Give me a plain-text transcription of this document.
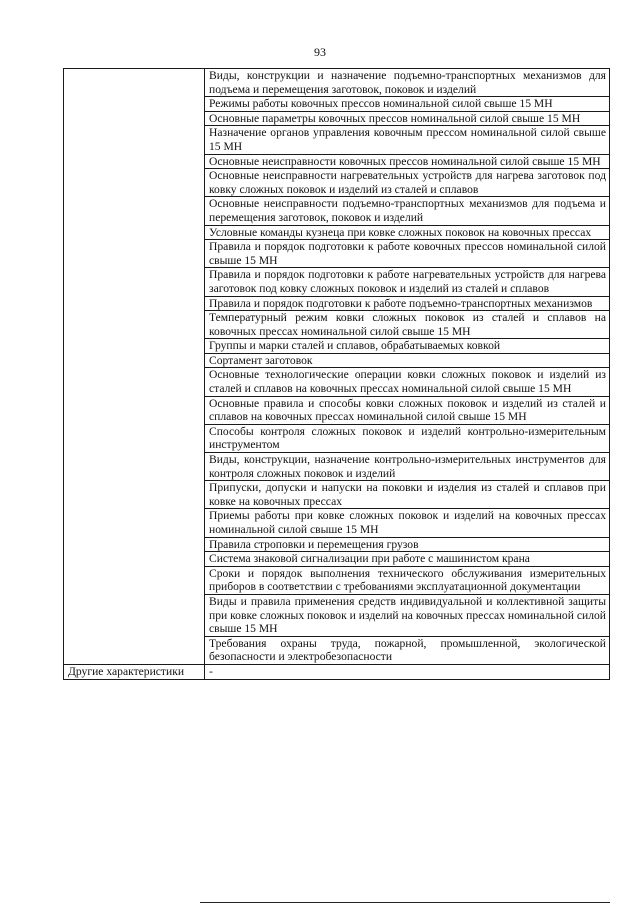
93
	Виды, конструкции и назначение подъемно-транспортных механизмов для подъема и перемещения заготовок, поковок и изделий
	Режимы работы ковочных прессов номинальной силой свыше 15 МН
	Основные параметры ковочных прессов номинальной силой свыше 15 МН
	Назначение органов управления ковочным прессом номинальной силой свыше 15 МН
	Основные неисправности ковочных прессов номинальной силой свыше 15 МН
	Основные неисправности нагревательных устройств для нагрева заготовок под ковку сложных поковок и изделий из сталей и сплавов
	Основные неисправности подъемно-транспортных механизмов для подъема и перемещения заготовок, поковок и изделий
	Условные команды кузнеца при ковке сложных поковок на ковочных прессах
	Правила и порядок подготовки к работе ковочных прессов номинальной силой свыше 15 МН
	Правила и порядок подготовки к работе нагревательных устройств для нагрева заготовок под ковку сложных поковок и изделий из сталей и сплавов
	Правила и порядок подготовки к работе подъемно-транспортных механизмов
	Температурный режим ковки сложных поковок из сталей и сплавов на ковочных прессах номинальной силой свыше 15 МН
	Группы и марки сталей и сплавов, обрабатываемых ковкой
	Сортамент заготовок
	Основные технологические операции ковки сложных поковок и изделий из сталей и сплавов на ковочных прессах номинальной силой свыше 15 МН
	Основные правила и способы ковки сложных поковок и изделий из сталей и сплавов на ковочных прессах номинальной силой свыше 15 МН
	Способы контроля сложных поковок и изделий контрольно-измерительным инструментом
	Виды, конструкции, назначение контрольно-измерительных инструментов для контроля сложных поковок и изделий
	Припуски, допуски и напуски на поковки и изделия из сталей и сплавов при ковке на ковочных прессах
	Приемы работы при ковке сложных поковок и изделий на ковочных прессах номинальной силой свыше 15 МН
	Правила строповки и перемещения грузов
	Система знаковой сигнализации при работе с машинистом крана
	Сроки и порядок выполнения технического обслуживания измерительных приборов в соответствии с требованиями эксплуатационной документации
	Виды и правила применения средств индивидуальной и коллективной защиты при ковке сложных поковок и изделий на ковочных прессах номинальной силой свыше 15 МН
	Требования охраны труда, пожарной, промышленной, экологической безопасности и электробезопасности
Другие характеристики	-
